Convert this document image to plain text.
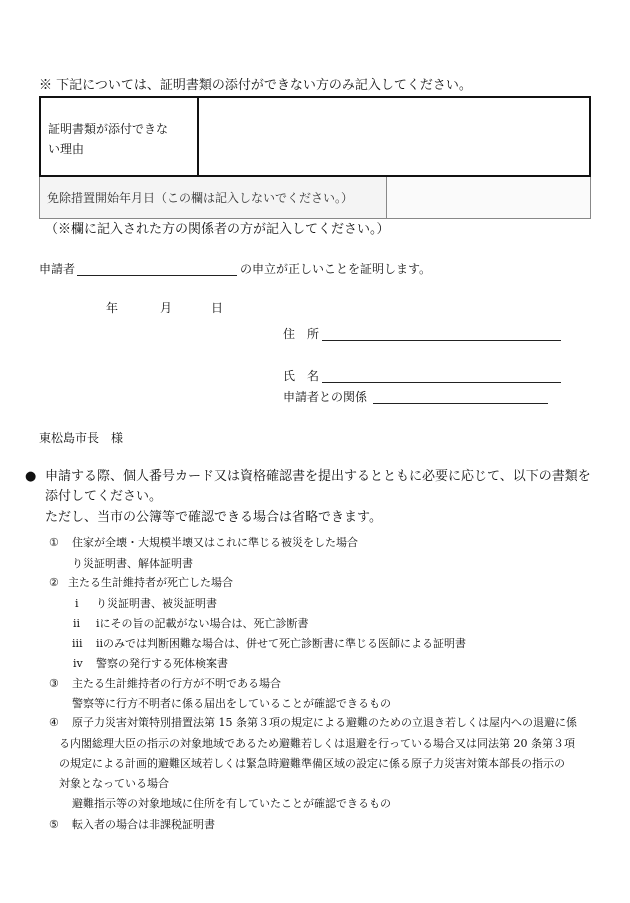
※ 下記については、証明書類の添付ができない方のみ記入してください。
証明書類が添付できな
い理由
免除措置開始年月日（この欄は記入しないでください。）
（※欄に記入された方の関係者の方が記入してください。）
申請者	の申立が正しいことを証明します。
年	月	日
住　所
氏　名
申請者との関係
東松島市長　様
● 申請する際、個人番号カード又は資格確認書を提出するとともに必要に応じて、以下の書類を
添付してください。
ただし、当市の公簿等で確認できる場合は省略できます。
① 住家が全壊・大規模半壊又はこれに準じる被災をした場合
り災証明書、解体証明書
② 主たる生計維持者が死亡した場合
i り災証明書、被災証明書
ii iにその旨の記載がない場合は、死亡診断書
iii iiのみでは判断困難な場合は、併せて死亡診断書に準じる医師による証明書
iv 警察の発行する死体検案書
③ 主たる生計維持者の行方が不明である場合
警察等に行方不明者に係る届出をしていることが確認できるもの
④ 原子力災害対策特別措置法第 15 条第３項の規定による避難のための立退き若しくは屋内への退避に係
る内閣総理大臣の指示の対象地域であるため避難若しくは退避を行っている場合又は同法第 20 条第３項
の規定による計画的避難区域若しくは緊急時避難準備区域の設定に係る原子力災害対策本部長の指示の
対象となっている場合
避難指示等の対象地域に住所を有していたことが確認できるもの
⑤ 転入者の場合は非課税証明書
